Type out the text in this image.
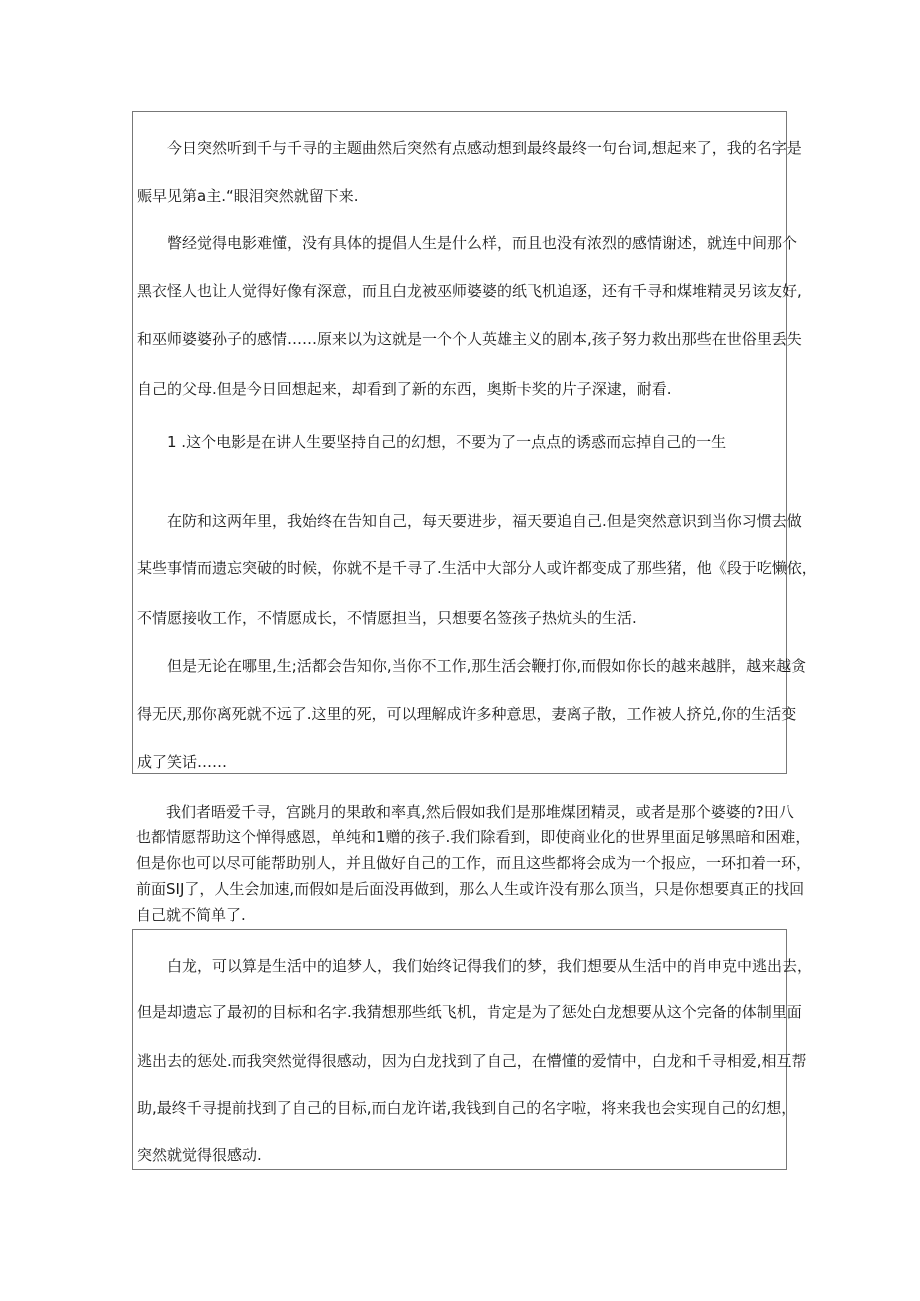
今日突然听到千与千寻的主题曲然后突然有点感动想到最终最终一句台词,想起来了，我的名字是

赈早见第a主.“眼泪突然就留下来.

瞥经觉得电影难懂，没有具体的提倡人生是什么样，而且也没有浓烈的感情谢述，就连中间那个

黑衣怪人也让人觉得好像有深意，而且白龙被巫师婆婆的纸飞机追逐，还有千寻和煤堆精灵另该友好,

和巫师婆婆孙子的感情……原来以为这就是一个个人英雄主义的剧本,孩子努力救出那些在世俗里丢失

自己的父母.但是今日回想起来，却看到了新的东西，奥斯卡奖的片子深逮，耐看.

1 .这个电影是在讲人生要坚持自己的幻想，不要为了一点点的诱惑而忘掉自己的一生

在防和这两年里，我始终在告知自己，每天要进步，福天要追自己.但是突然意识到当你习惯去做

某些事情而遗忘突破的时候，你就不是千寻了.生活中大部分人或许都变成了那些猪，他《段于吃懒依，

不情愿接收工作，不情愿成长，不情愿担当，只想要名签孩子热炕头的生活.

但是无论在哪里,生;活都会告知你,当你不工作,那生活会鞭打你,而假如你长的越来越胖，越来越贪

得无厌,那你离死就不远了.这里的死，可以理解成许多种意思，妻离子散，工作被人挤兑,你的生活变

成了笑话……

我们者晤爱千寻，宫跳月的果敢和率真,然后假如我们是那堆煤团精灵，或者是那个婆婆的?田八

也都情愿帮助这个惮得感恩，单纯和1赠的孩子.我们除看到，即使商业化的世界里面足够黑暗和困难，

但是你也可以尽可能帮助别人，并且做好自己的工作，而且这些都将会成为一个报应，一环扣着一环，

前面SIJ了，人生会加速,而假如是后面没再做到，那么人生或许没有那么顶当，只是你想要真正的找回

自己就不简单了.

白龙，可以算是生活中的追梦人，我们始终记得我们的梦，我们想要从生活中的肖申克中逃出去，

但是却遗忘了最初的目标和名字.我猜想那些纸飞机，肯定是为了惩处白龙想要从这个完备的体制里面

逃出去的惩处.而我突然觉得很感动，因为白龙找到了自己，在懵懂的爱情中，白龙和千寻相爱,相互帮

助,最终千寻提前找到了自己的目标,而白龙许诺,我钱到自己的名字啦，将来我也会实现自己的幻想，

突然就觉得很感动.
